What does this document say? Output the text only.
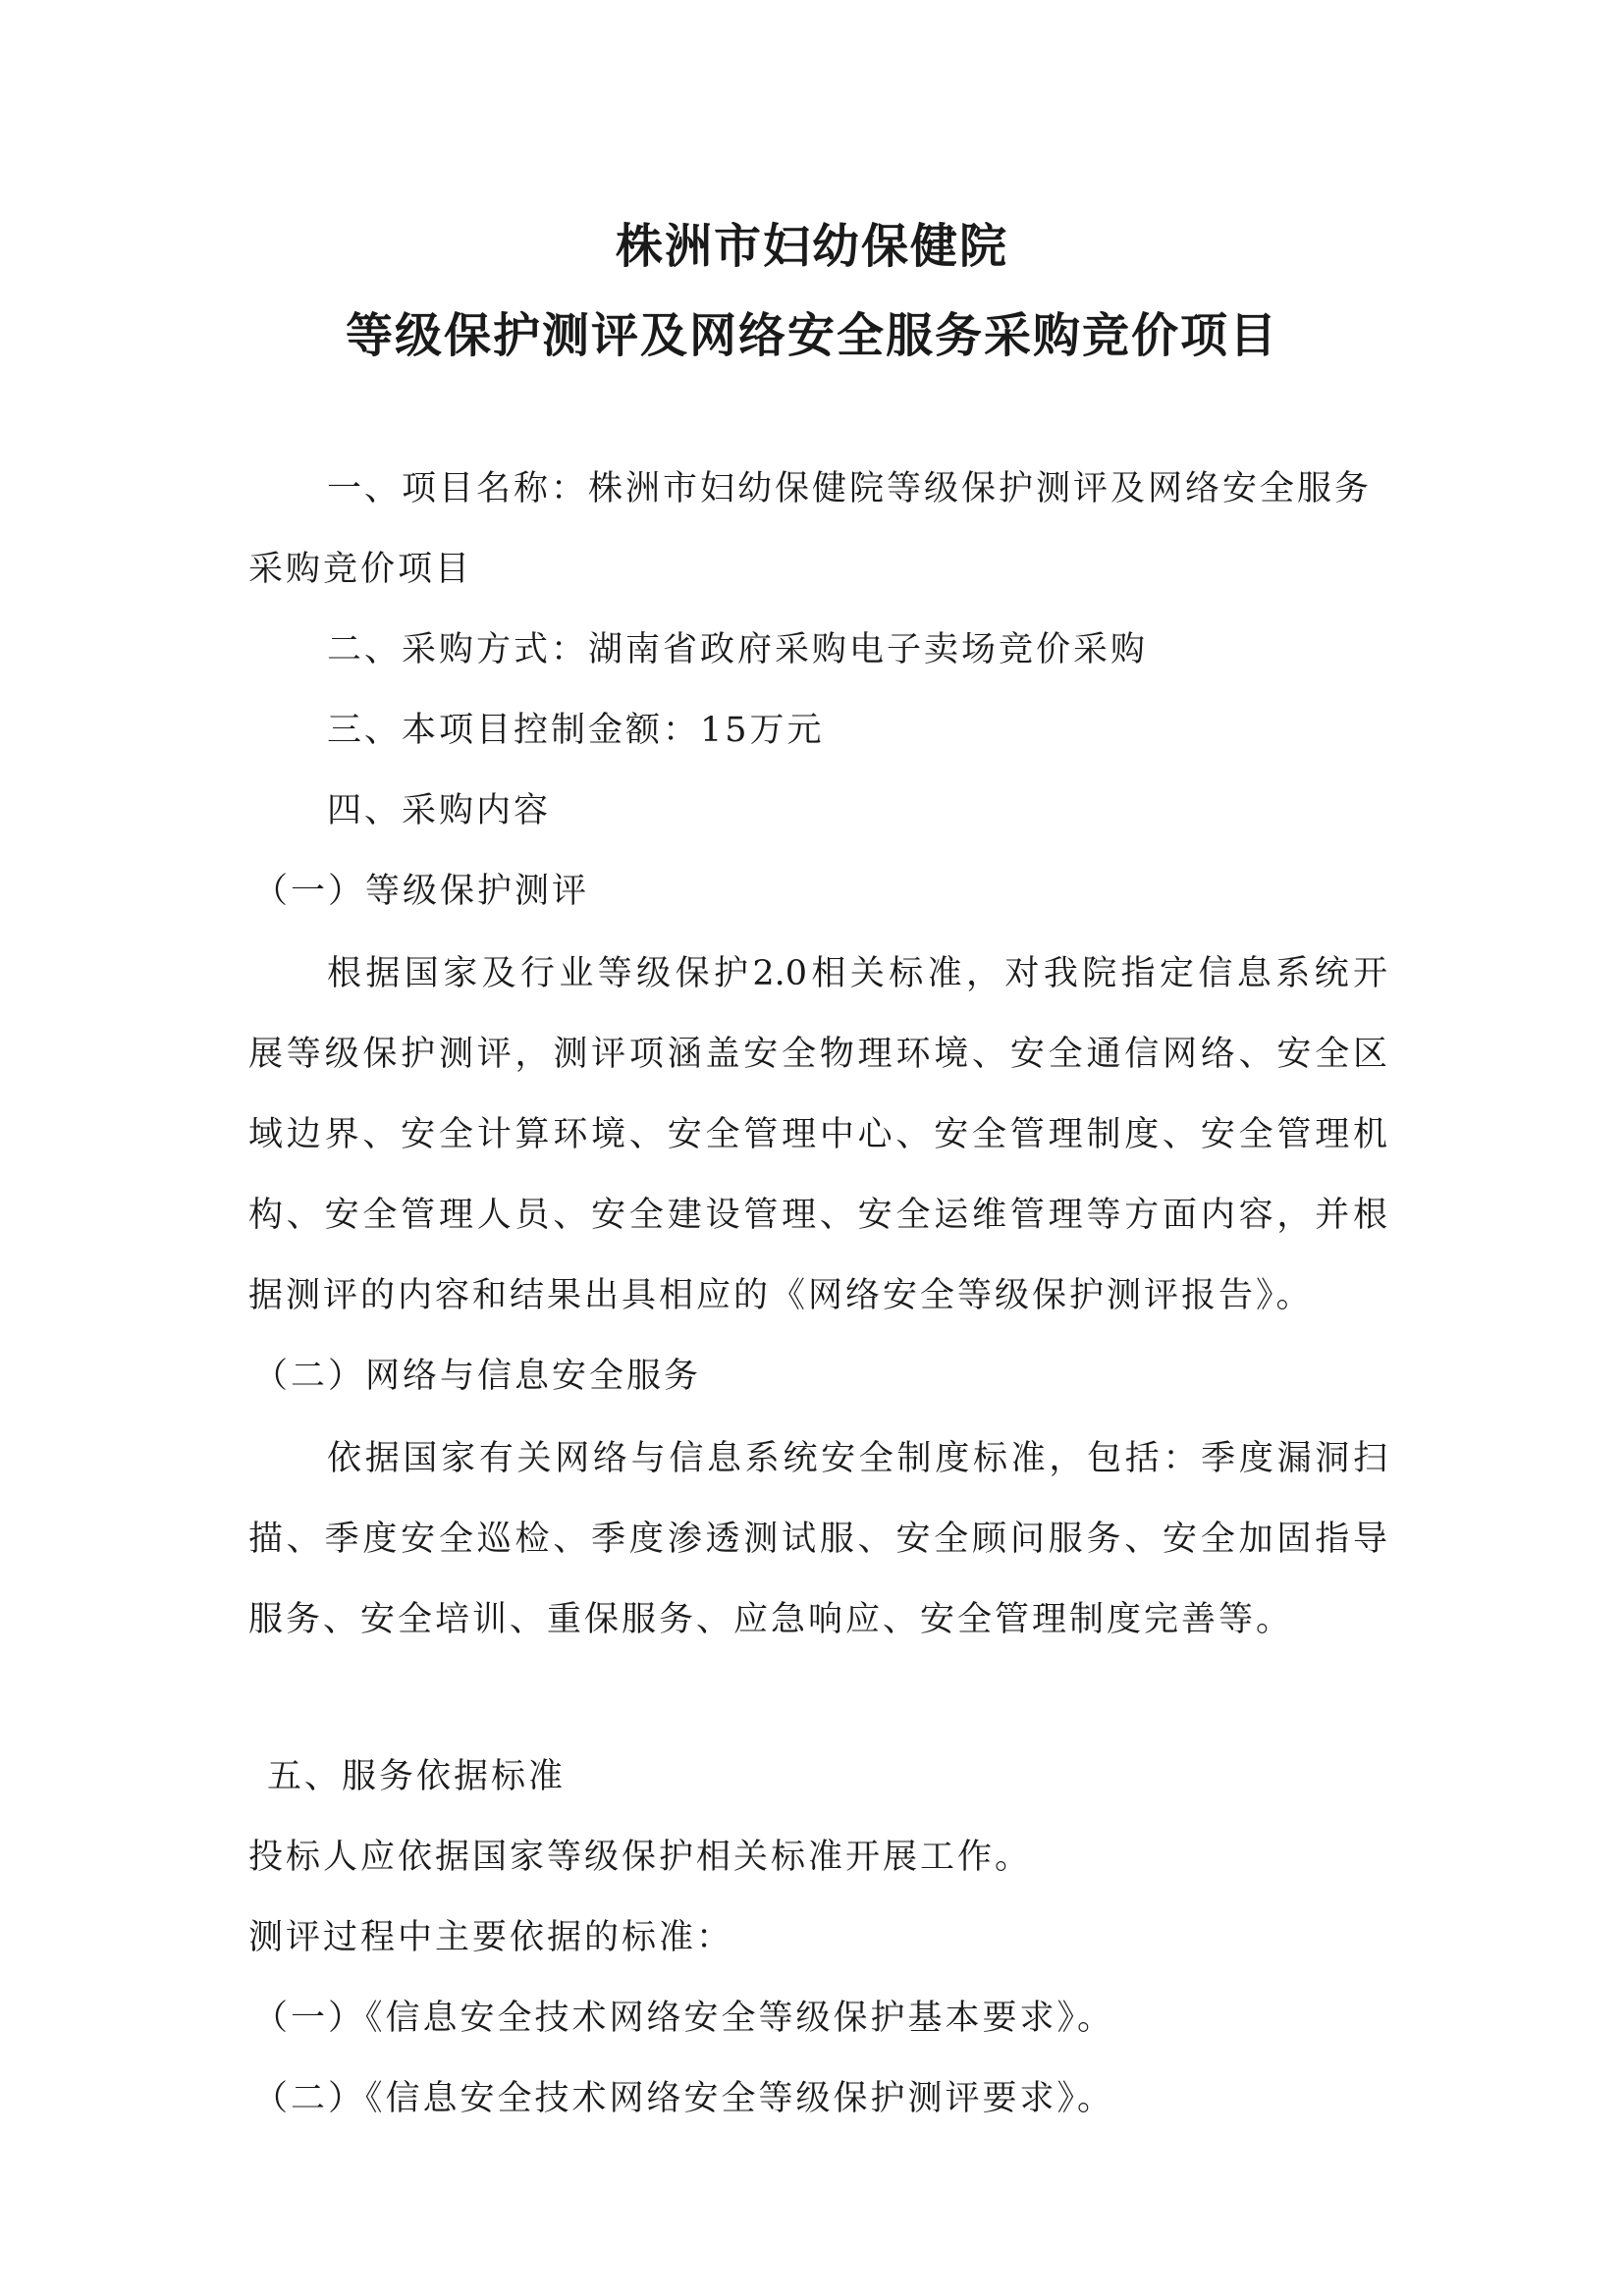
株洲市妇幼保健院
等级保护测评及网络安全服务采购竞价项目
一、项目名称：株洲市妇幼保健院等级保护测评及网络安全服务
采购竞价项目
二、采购方式：湖南省政府采购电子卖场竞价采购
三、本项目控制金额：15万元
四、采购内容
（一）等级保护测评
根据国家及行业等级保护2.0相关标准，对我院指定信息系统开
展等级保护测评，测评项涵盖安全物理环境、安全通信网络、安全区
域边界、安全计算环境、安全管理中心、安全管理制度、安全管理机
构、安全管理人员、安全建设管理、安全运维管理等方面内容，并根
据测评的内容和结果出具相应的《网络安全等级保护测评报告》。
（二）网络与信息安全服务
依据国家有关网络与信息系统安全制度标准，包括：季度漏洞扫
描、季度安全巡检、季度渗透测试服、安全顾问服务、安全加固指导
服务、安全培训、重保服务、应急响应、安全管理制度完善等。
五、服务依据标准
投标人应依据国家等级保护相关标准开展工作。
测评过程中主要依据的标准：
（一）《信息安全技术网络安全等级保护基本要求》。
（二）《信息安全技术网络安全等级保护测评要求》。
